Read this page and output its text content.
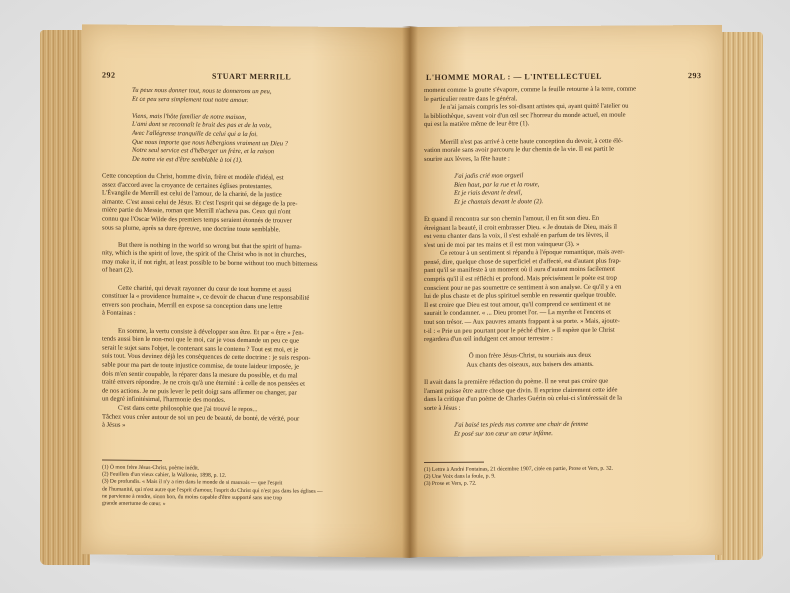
292	STUART MERRILL
Tu peux nous donner tout, nous te donnerons un peu,
Et ce peu sera simplement tout notre amour.

Viens, mais l'hôte familier de notre maison,
L'ami dont se reconnaît le bruit des pas et de la voix,
Avec l'allégresse tranquille de celui qui a la foi.
Que nous importe que nous hébergions vraiment un Dieu ?
Notre seul service est d'héberger un frère, et la raison
De notre vie est d'être semblable à toi (1).

Cette conception du Christ, homme divin, frère et modèle d'idéal, est
assez d'accord avec la croyance de certaines églises protestantes.
L'Évangile de Merrill est celui de l'amour, de la charité, de la justice
aimante. C'est aussi celui de Jésus. Et c'est l'esprit qui se dégage de la pre-
mière partie du Messie, roman que Merrill n'acheva pas. Ceux qui n'ont
connu que l'Oscar Wilde des premiers temps seraient étonnés de trouver
sous sa plume, après sa dure épreuve, une doctrine toute semblable.

But there is nothing in the world so wrong but that the spirit of huma-
nity, which is the spirit of love, the spirit of the Christ who is not in churches,
may make it, if not right, at least possible to be borne without too much bitterness
of heart (2).

Cette charité, qui devait rayonner du cœur de tout homme et aussi
constituer la « providence humaine », ce devoir de chacun d'une responsabilité
envers son prochain, Merrill en expose sa conception dans une lettre
à Fontainas :

En somme, la vertu consiste à développer son être. Et par « être » j'en-
tends aussi bien le non-moi que le moi, car je vous demande un peu ce que
serait le sujet sans l'objet, le contenant sans le contenu ? Tout est moi, et je
suis tout. Vous devinez déjà les conséquences de cette doctrine : je suis respon-
sable pour ma part de toute injustice commise, de toute laideur imposée, je
dois m'en sentir coupable, la réparer dans la mesure du possible, et du mal
traité envers répondre. Je ne crois qu'à une éternité : à celle de nos pensées et
de nos actions. Je ne puis lever le petit doigt sans affirmer ou changer, par
un degré infinitésimal, l'harmonie des mondes.
C'est dans cette philosophie que j'ai trouvé le repos...
Tâchez vous créer autour de soi un peu de beauté, de bonté, de vérité, pour
à Jésus »
(1) Ô mon frère Jésus-Christ, poème inédit.
(2) Feuillets d'un vieux cahier, la Wallonie, 1898, p. 12.
(3) De profundis. « Mais il n'y a rien dans le monde de si mauvais — que l'esprit
de l'humanité, qui n'est autre que l'esprit d'amour, l'esprit du Christ qui n'est pas dans les églises —
ne parvienne à rendre, sinon bon, du moins capable d'être supporté sans une trop
grande amertume de cœur. »
L'HOMME MORAL : — L'INTELLECTUEL	293
moment comme la goutte s'évapore, comme la feuille retourne à la terre, comme
le particulier rentre dans le général.
Je n'ai jamais compris les soi-disant artistes qui, ayant quitté l'atelier ou
la bibliothèque, savent voir d'un œil sec l'horreur du monde actuel, en moule
qui est la matière même de leur être (1).

Merrill n'est pas arrivé à cette haute conception du devoir, à cette élé-
vation morale sans avoir parcouru le dur chemin de la vie. Il est partit le
sourire aux lèvres, la fête haute :

J'ai jadis crié mon orgueil
Bien haut, par la rue et la route,
Et je riais devant le deuil,
Et je chantais devant le doute (2).

Et quand il rencontra sur son chemin l'amour, il en fit son dieu. En
étreignant la beauté, il croit embrasser Dieu. « Je doutais de Dieu, mais il
est venu chanter dans la voix, il s'est exhalé en parfum de tes lèvres, il
s'est uni de moi par tes mains et il est mon vainqueur (3). »
Ce retour à un sentiment si répandu à l'époque romantique, mais aver-
pensé, dire, quelque chose de superficiel et d'affecté, est d'autant plus frap-
pant qu'il se manifeste à un moment où il aura d'autant moins facilement
compris qu'il il est réfléchi et profond. Mais précisément le poète est trop
conscient pour ne pas soumettre ce sentiment à son analyse. Ce qu'il y a en
lui de plus chaste et de plus spirituel semble en ressentir quelque trouble.
Il est croire que Dieu est tout amour, qu'il comprend ce sentiment et ne
saurait le condamner. « ... Dieu promet l'or. — La myrrhe et l'encens et
tout son trésor. — Aux pauvres amants frappant à sa porte. » Mais, ajoute-
t-il : « Prie un peu pourtant pour le péché d'hier. » Il espère que le Christ
regardera d'un œil indulgent cet amour terrestre :

Ô mon frère Jésus-Christ, tu souriais aux deux
Aux chants des oiseaux, aux baisers des amants.

Il avait dans la première rédaction du poème. Il ne veut pas croire que
l'amant puisse être autre chose que divin. Il exprime clairement cette idée
dans la critique d'un poème de Charles Guérin où celui-ci s'intéressait de la
sorte à Jésus :

J'ai baisé tes pieds nus comme une chair de femme
Et posé sur ton cœur un cœur infâme.
(1) Lettre à André Fontainas, 21 décembre 1907, citée en partie, Prose et Vers, p. 32.
(2) Une Voix dans la foule, p. 9.
(3) Prose et Vers, p. 72.
